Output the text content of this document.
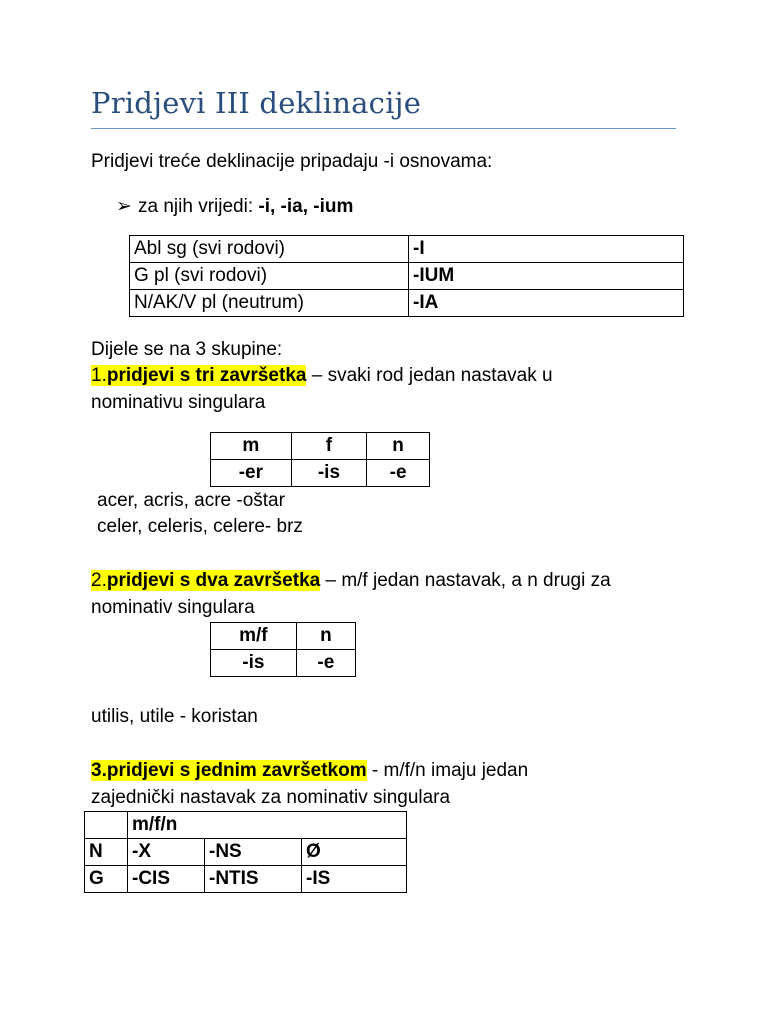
Pridjevi III deklinacije
Pridjevi treće deklinacije pripadaju -i osnovama:
➢ za njih vrijedi: -i, -ia, -ium
Abl sg (svi rodovi)	-I
G pl (svi rodovi)	-IUM
N/AK/V pl (neutrum)	-IA
Dijele se na 3 skupine:
1.pridjevi s tri završetka – svaki rod jedan nastavak u
nominativu singulara
m	f	n
-er	-is	-e
acer, acris, acre -oštar
celer, celeris, celere- brz
2.pridjevi s dva završetka – m/f jedan nastavak, a n drugi za
nominativ singulara
m/f	n
-is	-e
utilis, utile - koristan
3.pridjevi s jednim završetkom - m/f/n imaju jedan
zajednički nastavak za nominativ singulara
	m/f/n		
N	-X	-NS	Ø
G	-CIS	-NTIS	-IS
